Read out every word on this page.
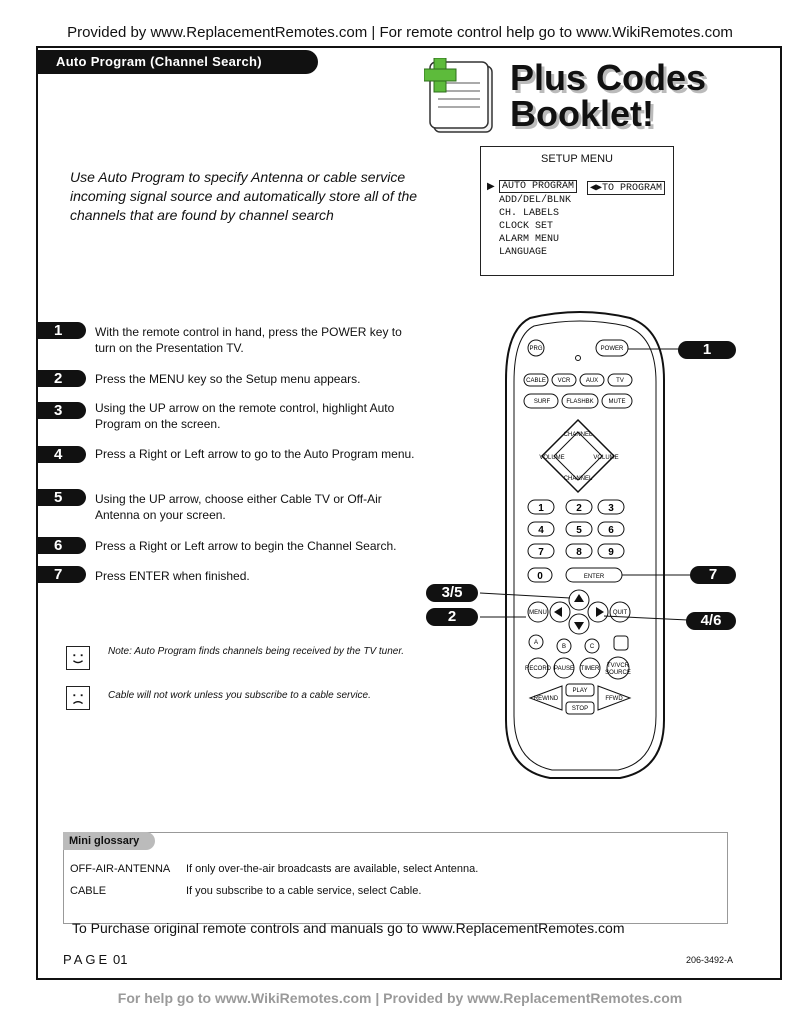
Provided by www.ReplacementRemotes.com | For remote control help go to www.WikiRemotes.com
Auto Program (Channel Search)	Plus Codes
Booklet!
Use Auto Program to specify Antenna or cable service incoming signal source and automatically store all of the channels that are found by channel search
SETUP MENU
▶ AUTO PROGRAM	◀▶TO PROGRAM
ADD/DEL/BLNK
CH. LABELS
CLOCK SET
ALARM MENU
LANGUAGE
1	With the remote control in hand, press the POWER key to turn on the Presentation TV.
2	Press the MENU key so the Setup menu appears.
3	Using the UP arrow on the remote control, highlight Auto Program on the screen.
4	Press a Right or Left arrow to go to the Auto Program menu.
5	Using the UP arrow, choose either Cable TV or Off-Air Antenna on your screen.
6	Press a Right or Left arrow to begin the Channel Search.
7	Press ENTER when finished.
Note: Auto Program finds channels being received by the TV tuner.
Cable will not work unless you subscribe to a cable service.
PRG	POWER
CABLE VCR	AUX	TV
SURF	FLASHBK MUTE
CHANNEL
CHANNEL
VOLUME	VOLUME
1	2	3
4	5	6
7	8	9
0	ENTER
MENU	QUIT
A
B	C
RECORD PAUSE TIMER TV/VCR
SOURCE
REWIND
PLAY
STOP
FFWD
1
7
3/5
2	4/6
Mini glossary
OFF-AIR-ANTENNA If only over-the-air broadcasts are available, select Antenna.
CABLE	If you subscribe to a cable service, select Cable.
To Purchase original remote controls and manuals go to www.ReplacementRemotes.com
PAGE 01	206-3492-A
For help go to www.WikiRemotes.com | Provided by www.ReplacementRemotes.com
